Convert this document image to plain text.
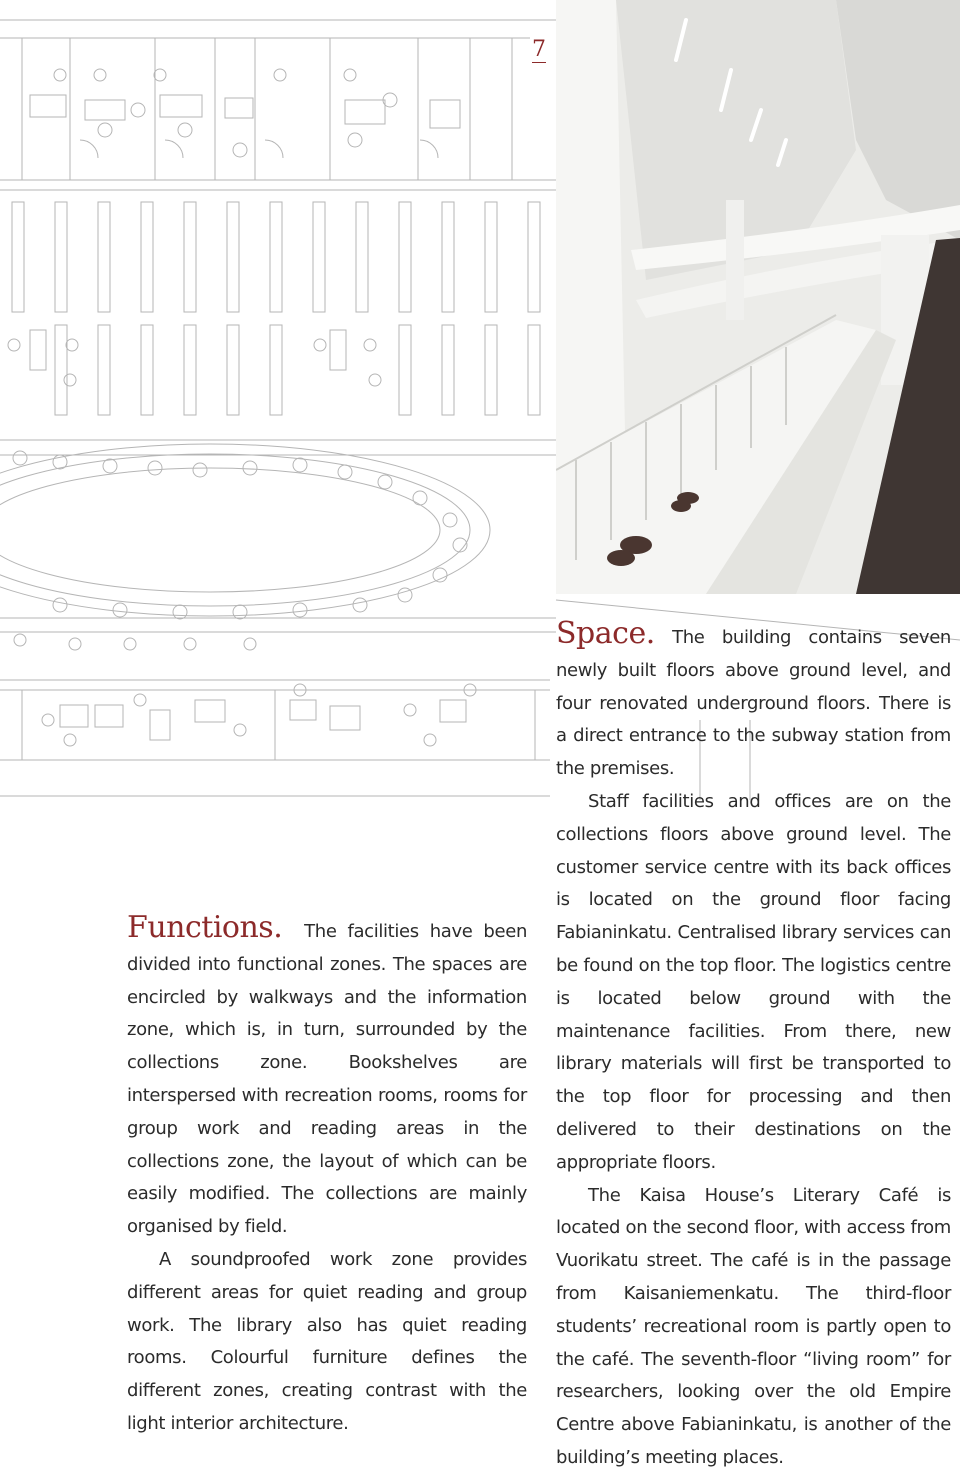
7

Functions. The facilities have been divided into functional zones. The spaces are encircled by walkways and the information zone, which is, in turn, surrounded by the collections zone. Bookshelves are interspersed with recreation rooms, rooms for group work and reading areas in the collections zone, the layout of which can be easily modified. The collections are mainly organised by field.

A soundproofed work zone provides different areas for quiet reading and group work. The library also has quiet reading rooms. Colourful furniture defines the different zones, creating contrast with the light interior architecture.

Space. The building contains seven newly built floors above ground level, and four renovated underground floors. There is a direct entrance to the subway station from the premises.

Staff facilities and offices are on the collections floors above ground level. The customer service centre with its back offices is located on the ground floor facing Fabianinkatu. Centralised library services can be found on the top floor. The logistics centre is located below ground with the maintenance facilities. From there, new library materials will first be transported to the top floor for processing and then delivered to their destinations on the appropriate floors.

The Kaisa House’s Literary Café is located on the second floor, with access from Vuorikatu street. The café is in the passage from Kaisaniemenkatu. The third-floor students’ recreational room is partly open to the café. The seventh-floor “living room” for researchers, looking over the old Empire Centre above Fabianinkatu, is another of the building’s meeting places.
